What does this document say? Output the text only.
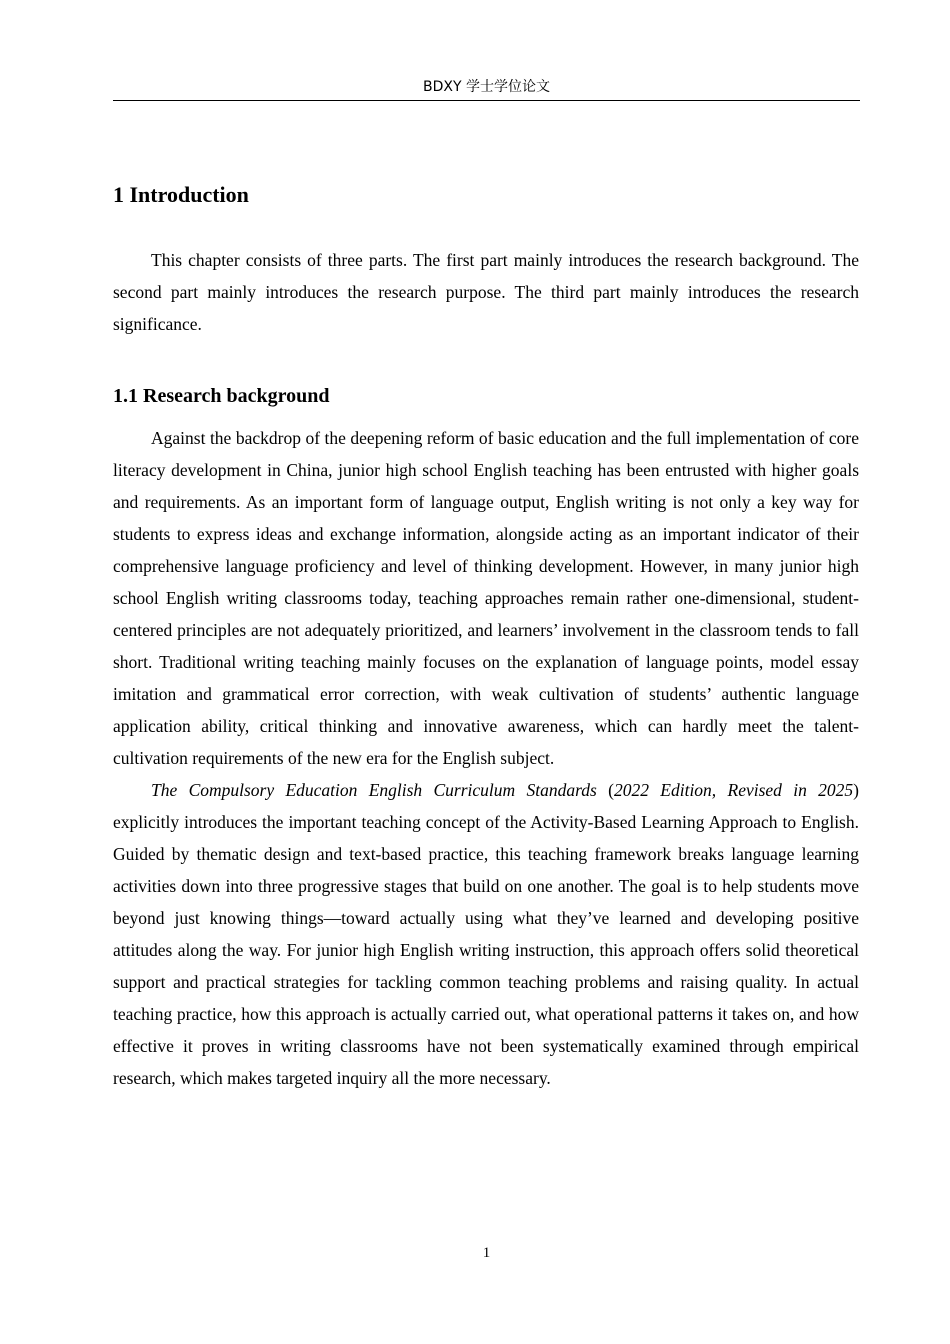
BDXY 学士学位论文
1 Introduction

This chapter consists of three parts. The first part mainly introduces the research background. The second part mainly introduces the research purpose. The third part mainly introduces the research significance.

1.1 Research background

Against the backdrop of the deepening reform of basic education and the full implementation of core literacy development in China, junior high school English teaching has been entrusted with higher goals and requirements. As an important form of language output, English writing is not only a key way for students to express ideas and exchange information, alongside acting as an important indicator of their comprehensive language proficiency and level of thinking development. However, in many junior high school English writing classrooms today, teaching approaches remain rather one-dimensional, student-centered principles are not adequately prioritized, and learners’ involvement in the classroom tends to fall short. Traditional writing teaching mainly focuses on the explanation of language points, model essay imitation and grammatical error correction, with weak cultivation of students’ authentic language application ability, critical thinking and innovative awareness, which can hardly meet the talent-cultivation requirements of the new era for the English subject.

The Compulsory Education English Curriculum Standards (2022 Edition, Revised in 2025) explicitly introduces the important teaching concept of the Activity-Based Learning Approach to English. Guided by thematic design and text-based practice, this teaching framework breaks language learning activities down into three progressive stages that build on one another. The goal is to help students move beyond just knowing things—toward actually using what they’ve learned and developing positive attitudes along the way. For junior high English writing instruction, this approach offers solid theoretical support and practical strategies for tackling common teaching problems and raising quality. In actual teaching practice, how this approach is actually carried out, what operational patterns it takes on, and how effective it proves in writing classrooms have not been systematically examined through empirical research, which makes targeted inquiry all the more necessary.

1
